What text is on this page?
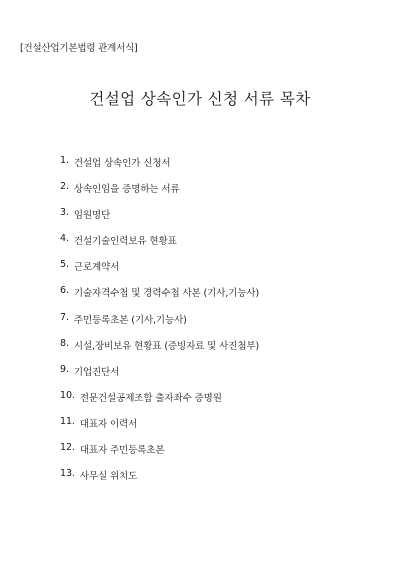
[건설산업기본법령 관계서식]
건설업 상속인가 신청 서류 목차
1. 건설업 상속인가 신청서
2. 상속인임을 증명하는 서류
3. 임원명단
4. 건설기술인력보유 현황표
5. 근로계약서
6. 기술자격수첩 및 경력수첩 사본 (기사,기능사)
7. 주민등록초본 (기사,기능사)
8. 시설,장비보유 현황표 (증빙자료 및 사진첨부)
9. 기업진단서
10. 전문건설공제조합 출자좌수 증명원
11. 대표자 이력서
12. 대표자 주민등록초본
13. 사무실 위치도
